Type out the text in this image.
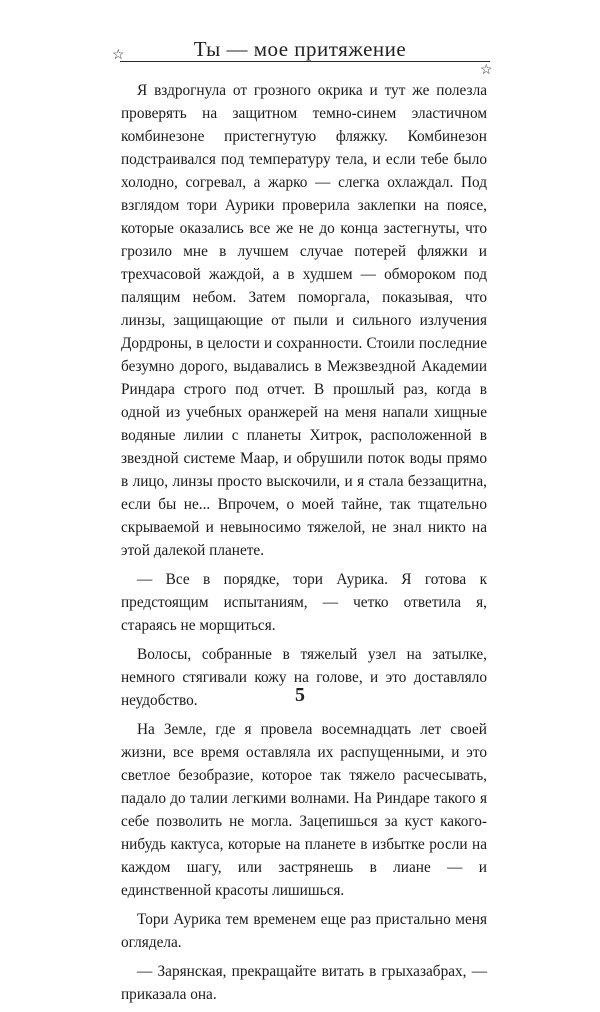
☆	Ты — мое притяжение
☆

Я вздрогнула от грозного окрика и тут же полезла проверять на защитном темно-синем эластичном комбинезоне пристегнутую фляжку. Комбинезон подстраивался под температуру тела, и если тебе было холодно, согревал, а жарко — слегка охлаждал. Под взглядом тори Аурики проверила заклепки на поясе, которые оказались все же не до конца застегнуты, что грозило мне в лучшем случае потерей фляжки и трехчасовой жаждой, а в худшем — обмороком под палящим небом. Затем поморгала, показывая, что линзы, защищающие от пыли и сильного излучения Дордроны, в целости и сохранности. Стоили последние безумно дорого, выдавались в Межзвездной Академии Риндара строго под отчет. В прошлый раз, когда в одной из учебных оранжерей на меня напали хищные водяные лилии с планеты Хитрок, расположенной в звездной системе Маар, и обрушили поток воды прямо в лицо, линзы просто выскочили, и я стала беззащитна, если бы не... Впрочем, о моей тайне, так тщательно скрываемой и невыносимо тяжелой, не знал никто на этой далекой планете.

— Все в порядке, тори Аурика. Я готова к предстоящим испытаниям, — четко ответила я, стараясь не морщиться.

Волосы, собранные в тяжелый узел на затылке, немного стягивали кожу на голове, и это доставляло неудобство.

На Земле, где я провела восемнадцать лет своей жизни, все время оставляла их распущенными, и это светлое безобразие, которое так тяжело расчесывать, падало до талии легкими волнами. На Риндаре такого я себе позволить не могла. Зацепишься за куст какого-нибудь кактуса, которые на планете в избытке росли на каждом шагу, или застрянешь в лиане — и единственной красоты лишишься.

Тори Аурика тем временем еще раз пристально меня оглядела.

— Зарянская, прекращайте витать в грыхазабрах, — приказала она.

5
